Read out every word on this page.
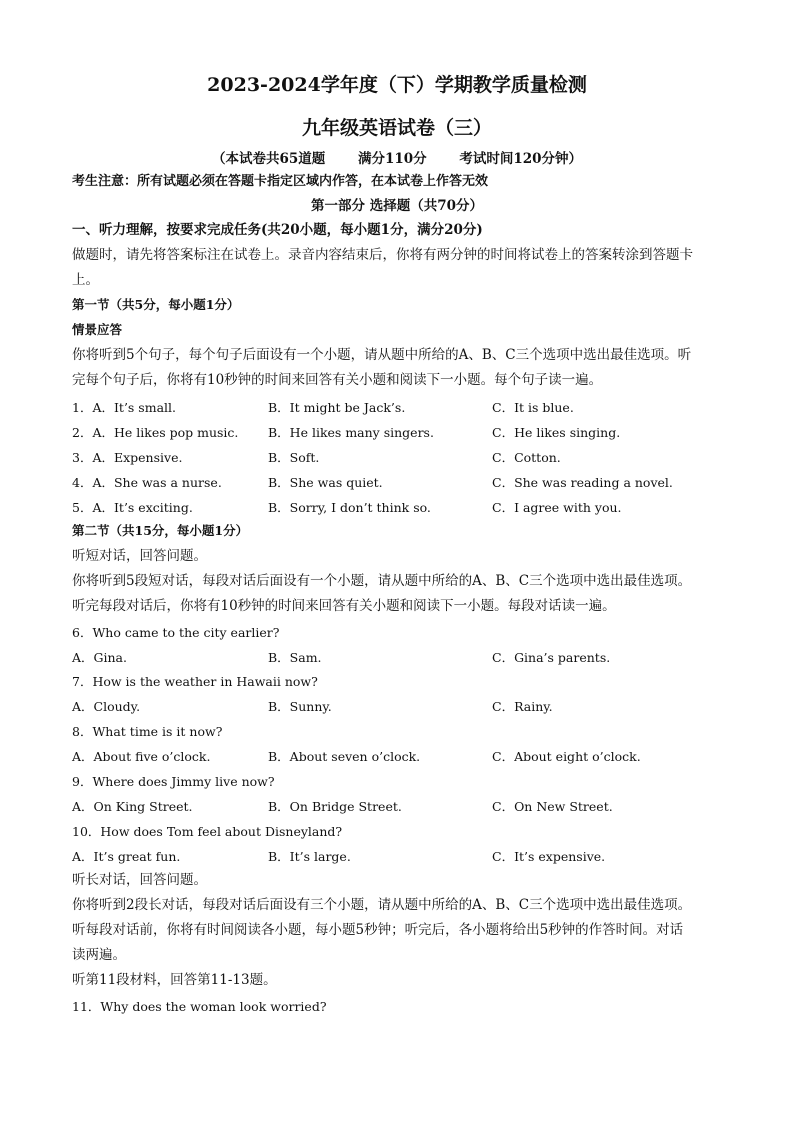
2023-2024学年度（下）学期教学质量检测
九年级英语试卷（三）
（本试卷共65道题 满分110分 考试时间120分钟）
考生注意：所有试题必须在答题卡指定区域内作答，在本试卷上作答无效
第一部分 选择题（共70分）
一、听力理解，按要求完成任务(共20小题，每小题1分，满分20分)
做题时，请先将答案标注在试卷上。录音内容结束后，你将有两分钟的时间将试卷上的答案转涂到答题卡
上。
第一节（共5分，每小题1分）
情景应答
你将听到5个句子，每个句子后面设有一个小题，请从题中所给的A、B、C三个选项中选出最佳选项。听
完每个句子后，你将有10秒钟的时间来回答有关小题和阅读下一小题。每个句子读一遍。
1．A．It’s small.	B．It might be Jack’s.	C．It is blue.
2．A．He likes pop music. B．He likes many singers.	C．He likes singing.
3．A．Expensive.	B．Soft.	C．Cotton.
4．A．She was a nurse.	B．She was quiet.	C．She was reading a novel.
5．A．It’s exciting.	B．Sorry, I don’t think so.	C．I agree with you.
第二节（共15分，每小题1分）
听短对话，回答问题。
你将听到5段短对话，每段对话后面设有一个小题，请从题中所给的A、B、C三个选项中选出最佳选项。
听完每段对话后，你将有10秒钟的时间来回答有关小题和阅读下一小题。每段对话读一遍。
6．Who came to the city earlier?
A．Gina.	B．Sam.	C．Gina’s parents.
7．How is the weather in Hawaii now?
A．Cloudy.	B．Sunny.	C．Rainy.
8．What time is it now?
A．About five o’clock.	B．About seven o’clock.	C．About eight o’clock.
9．Where does Jimmy live now?
A．On King Street.	B．On Bridge Street.	C．On New Street.
10．How does Tom feel about Disneyland?
A．It’s great fun.	B．It’s large.	C．It’s expensive.
听长对话，回答问题。
你将听到2段长对话，每段对话后面设有三个小题，请从题中所给的A、B、C三个选项中选出最佳选项。
听每段对话前，你将有时间阅读各小题，每小题5秒钟；听完后，各小题将给出5秒钟的作答时间。对话
读两遍。
听第11段材料，回答第11-13题。
11．Why does the woman look worried?
